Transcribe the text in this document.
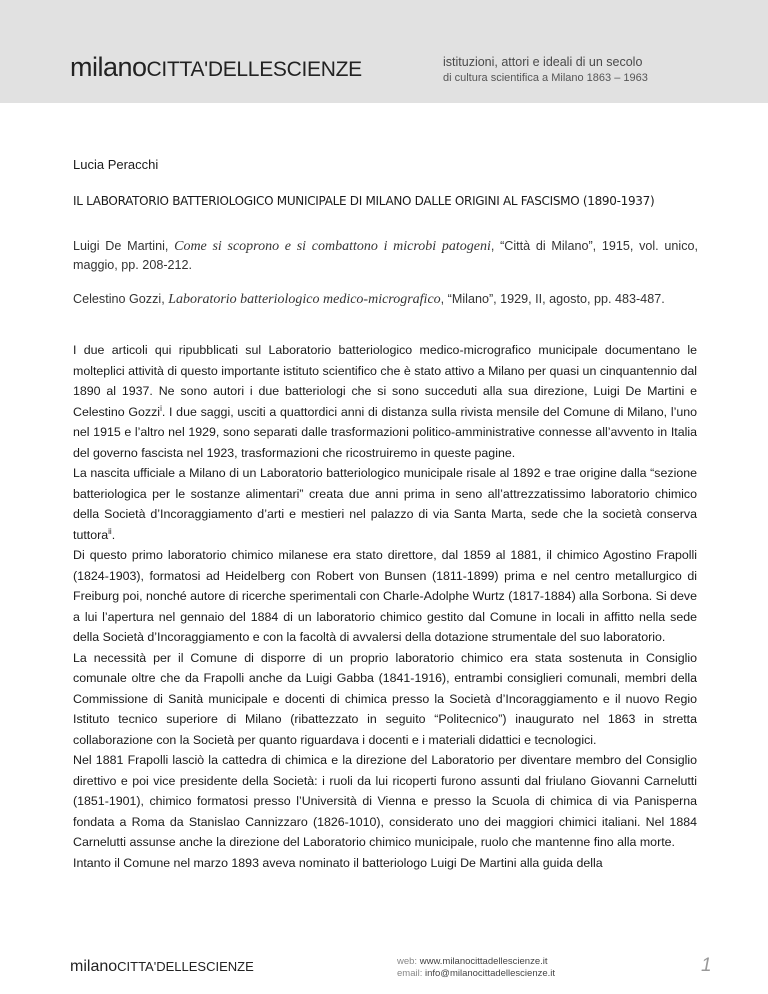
milanoCITTA'DELLESCIENZE	istituzioni, attori e ideali di un secolo
di cultura scientifica a Milano 1863 – 1963
Lucia Peracchi
IL LABORATORIO BATTERIOLOGICO MUNICIPALE DI MILANO DALLE ORIGINI AL FASCISMO (1890-1937)
Luigi De Martini, Come si scoprono e si combattono i microbi patogeni, “Città di Milano”, 1915, vol. unico, maggio, pp. 208-212.
Celestino Gozzi, Laboratorio batteriologico medico-micrografico, “Milano”, 1929, II, agosto, pp. 483-487.

I due articoli qui ripubblicati sul Laboratorio batteriologico medico-micrografico municipale documentano le molteplici attività di questo importante istituto scientifico che è stato attivo a Milano per quasi un cinquantennio dal 1890 al 1937. Ne sono autori i due batteriologi che si sono succeduti alla sua direzione, Luigi De Martini e Celestino Gozzi$^i$. I due saggi, usciti a quattordici anni di distanza sulla rivista mensile del Comune di Milano, l’uno nel 1915 e l’altro nel 1929, sono separati dalle trasformazioni politico-amministrative connesse all’avvento in Italia del governo fascista nel 1923, trasformazioni che ricostruiremo in queste pagine.

La nascita ufficiale a Milano di un Laboratorio batteriologico municipale risale al 1892 e trae origine dalla “sezione batteriologica per le sostanze alimentari” creata due anni prima in seno all’attrezzatissimo laboratorio chimico della Società d’Incoraggiamento d’arti e mestieri nel palazzo di via Santa Marta, sede che la società conserva tuttora$^{ii}$.

Di questo primo laboratorio chimico milanese era stato direttore, dal 1859 al 1881, il chimico Agostino Frapolli (1824-1903), formatosi ad Heidelberg con Robert von Bunsen (1811-1899) prima e nel centro metallurgico di Freiburg poi, nonché autore di ricerche sperimentali con Charle-Adolphe Wurtz (1817-1884) alla Sorbona. Si deve a lui l’apertura nel gennaio del 1884 di un laboratorio chimico gestito dal Comune in locali in affitto nella sede della Società d’Incoraggiamento e con la facoltà di avvalersi della dotazione strumentale del suo laboratorio.

La necessità per il Comune di disporre di un proprio laboratorio chimico era stata sostenuta in Consiglio comunale oltre che da Frapolli anche da Luigi Gabba (1841-1916), entrambi consiglieri comunali, membri della Commissione di Sanità municipale e docenti di chimica presso la Società d’Incoraggiamento e il nuovo Regio Istituto tecnico superiore di Milano (ribattezzato in seguito “Politecnico”) inaugurato nel 1863 in stretta collaborazione con la Società per quanto riguardava i docenti e i materiali didattici e tecnologici.

Nel 1881 Frapolli lasciò la cattedra di chimica e la direzione del Laboratorio per diventare membro del Consiglio direttivo e poi vice presidente della Società: i ruoli da lui ricoperti furono assunti dal friulano Giovanni Carnelutti (1851-1901), chimico formatosi presso l’Università di Vienna e presso la Scuola di chimica di via Panisperna fondata a Roma da Stanislao Cannizzaro (1826-1010), considerato uno dei maggiori chimici italiani. Nel 1884 Carnelutti assunse anche la direzione del Laboratorio chimico municipale, ruolo che mantenne fino alla morte.

Intanto il Comune nel marzo 1893 aveva nominato il batteriologo Luigi De Martini alla guida della

milanoCITTA'DELLESCIENZE	web: www.milanocittadellescienze.it
email: info@milanocittadellescienze.it	1
